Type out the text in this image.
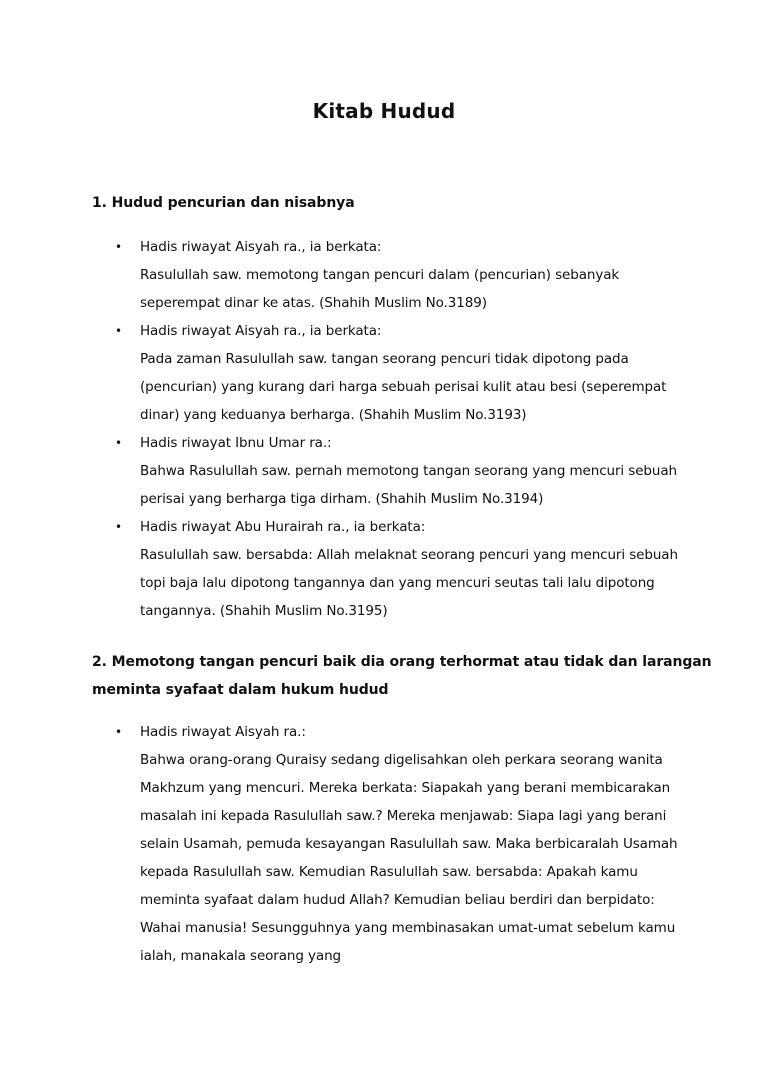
Kitab Hudud
1. Hudud pencurian dan nisabnya
• Hadis riwayat Aisyah ra., ia berkata:
Rasulullah saw. memotong tangan pencuri dalam (pencurian) sebanyak seperempat dinar ke atas. (Shahih Muslim No.3189)
• Hadis riwayat Aisyah ra., ia berkata:
Pada zaman Rasulullah saw. tangan seorang pencuri tidak dipotong pada (pencurian) yang kurang dari harga sebuah perisai kulit atau besi (seperempat dinar) yang keduanya berharga. (Shahih Muslim No.3193)
• Hadis riwayat Ibnu Umar ra.:
Bahwa Rasulullah saw. pernah memotong tangan seorang yang mencuri sebuah perisai yang berharga tiga dirham. (Shahih Muslim No.3194)
• Hadis riwayat Abu Hurairah ra., ia berkata:
Rasulullah saw. bersabda: Allah melaknat seorang pencuri yang mencuri sebuah topi baja lalu dipotong tangannya dan yang mencuri seutas tali lalu dipotong tangannya. (Shahih Muslim No.3195)
2. Memotong tangan pencuri baik dia orang terhormat atau tidak dan larangan meminta syafaat dalam hukum hudud
• Hadis riwayat Aisyah ra.:
Bahwa orang-orang Quraisy sedang digelisahkan oleh perkara seorang wanita Makhzum yang mencuri. Mereka berkata: Siapakah yang berani membicarakan masalah ini kepada Rasulullah saw.? Mereka menjawab: Siapa lagi yang berani selain Usamah, pemuda kesayangan Rasulullah saw. Maka berbicaralah Usamah kepada Rasulullah saw. Kemudian Rasulullah saw. bersabda: Apakah kamu meminta syafaat dalam hudud Allah? Kemudian beliau berdiri dan berpidato: Wahai manusia! Sesungguhnya yang membinasakan umat-umat sebelum kamu ialah, manakala seorang yang
